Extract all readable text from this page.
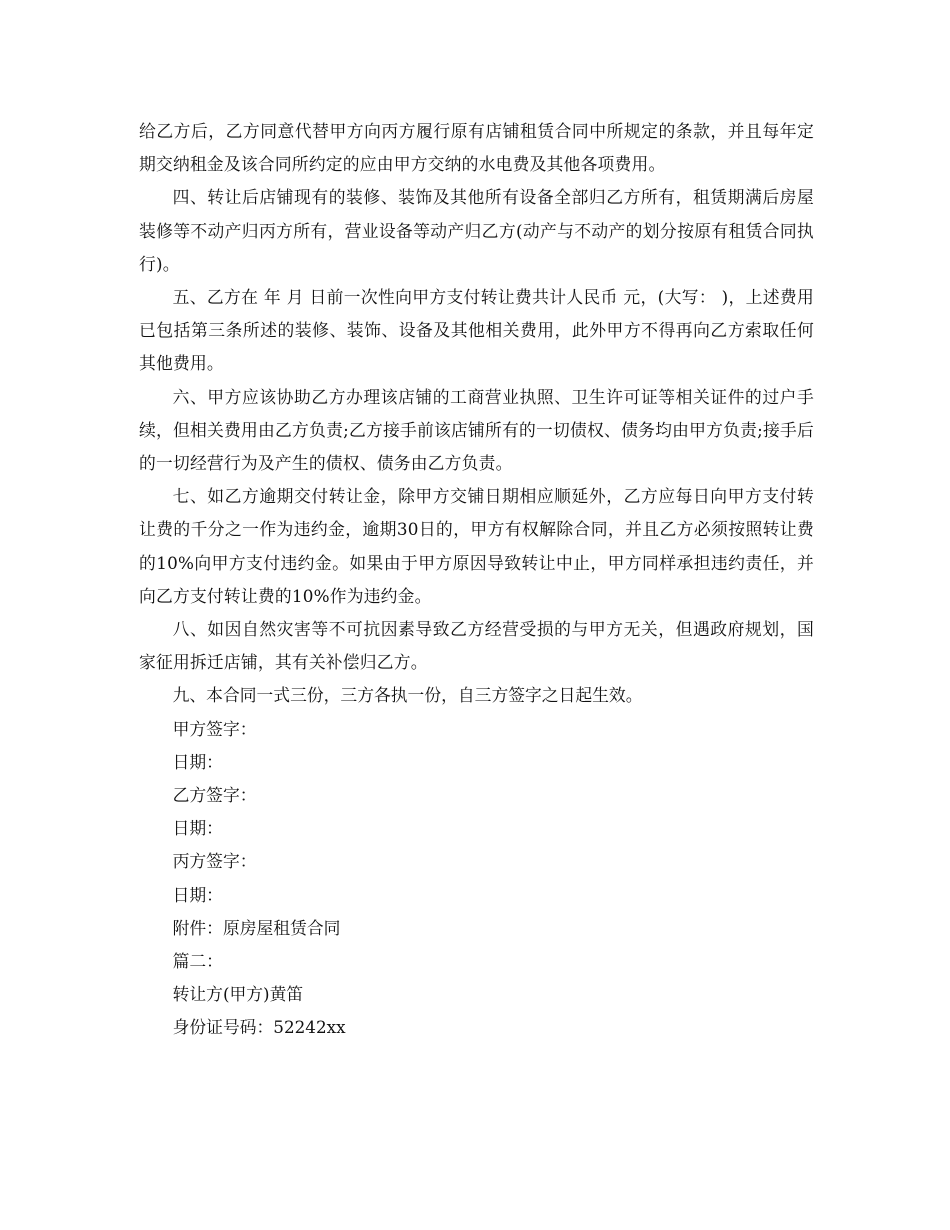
给乙方后，乙方同意代替甲方向丙方履行原有店铺租赁合同中所规定的条款，并且每年定期交纳租金及该合同所约定的应由甲方交纳的水电费及其他各项费用。

四、转让后店铺现有的装修、装饰及其他所有设备全部归乙方所有，租赁期满后房屋装修等不动产归丙方所有，营业设备等动产归乙方(动产与不动产的划分按原有租赁合同执行)。

五、乙方在 年 月 日前一次性向甲方支付转让费共计人民币 元，(大写： )，上述费用已包括第三条所述的装修、装饰、设备及其他相关费用，此外甲方不得再向乙方索取任何其他费用。

六、甲方应该协助乙方办理该店铺的工商营业执照、卫生许可证等相关证件的过户手续，但相关费用由乙方负责;乙方接手前该店铺所有的一切债权、债务均由甲方负责;接手后的一切经营行为及产生的债权、债务由乙方负责。

七、如乙方逾期交付转让金，除甲方交铺日期相应顺延外，乙方应每日向甲方支付转让费的千分之一作为违约金，逾期30日的，甲方有权解除合同，并且乙方必须按照转让费的10%向甲方支付违约金。如果由于甲方原因导致转让中止，甲方同样承担违约责任，并向乙方支付转让费的10%作为违约金。

八、如因自然灾害等不可抗因素导致乙方经营受损的与甲方无关，但遇政府规划，国家征用拆迁店铺，其有关补偿归乙方。

九、本合同一式三份，三方各执一份，自三方签字之日起生效。

甲方签字：

日期：

乙方签字：

日期：

丙方签字：

日期：

附件：原房屋租赁合同

篇二：

转让方(甲方)黄笛

身份证号码：52242xx
